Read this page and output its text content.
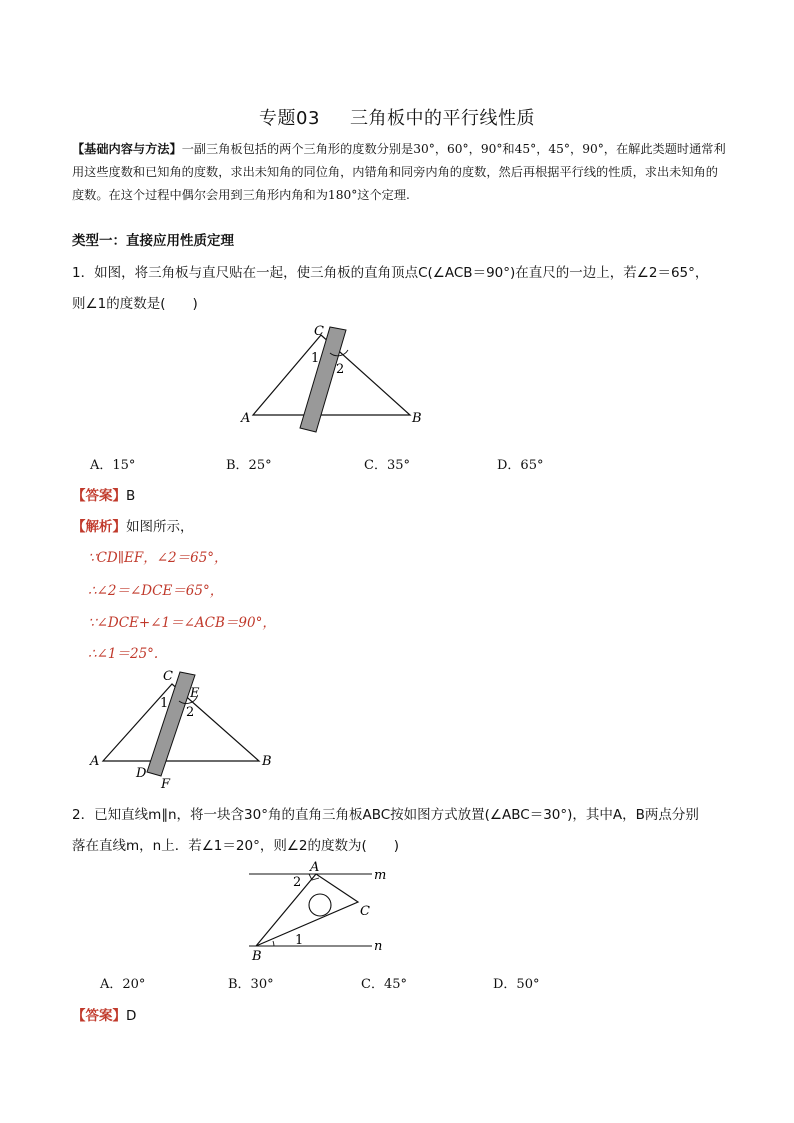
专题03 三角板中的平行线性质
【基础内容与方法】一副三角板包括的两个三角形的度数分别是30°，60°，90°和45°，45°，90°，在解此类题时通常利用这些度数和已知角的度数，求出未知角的同位角，内错角和同旁内角的度数，然后再根据平行线的性质，求出未知角的度数。在这个过程中偶尔会用到三角形内角和为180°这个定理.
类型一：直接应用性质定理
1．如图，将三角板与直尺贴在一起，使三角板的直角顶点C(∠ACB＝90°)在直尺的一边上，若∠2＝65°，
则∠1的度数是(　　)
C
A	B
1
2
A．15°	B．25°	C．35°	D．65°
【答案】B
【解析】如图所示，
∵CD∥EF，∠2＝65°，
∴∠2＝∠DCE＝65°，
∵∠DCE+∠1＝∠ACB＝90°，
∴∠1＝25°.
C
E
1
2
A	B
D
F
2．已知直线m∥n，将一块含30°角的直角三角板ABC按如图方式放置(∠ABC＝30°)，其中A，B两点分别
落在直线m，n上．若∠1＝20°，则∠2的度数为(　　)
A
m
C
n
B
2
1
A．20°	B．30°	C．45°	D．50°
【答案】D
